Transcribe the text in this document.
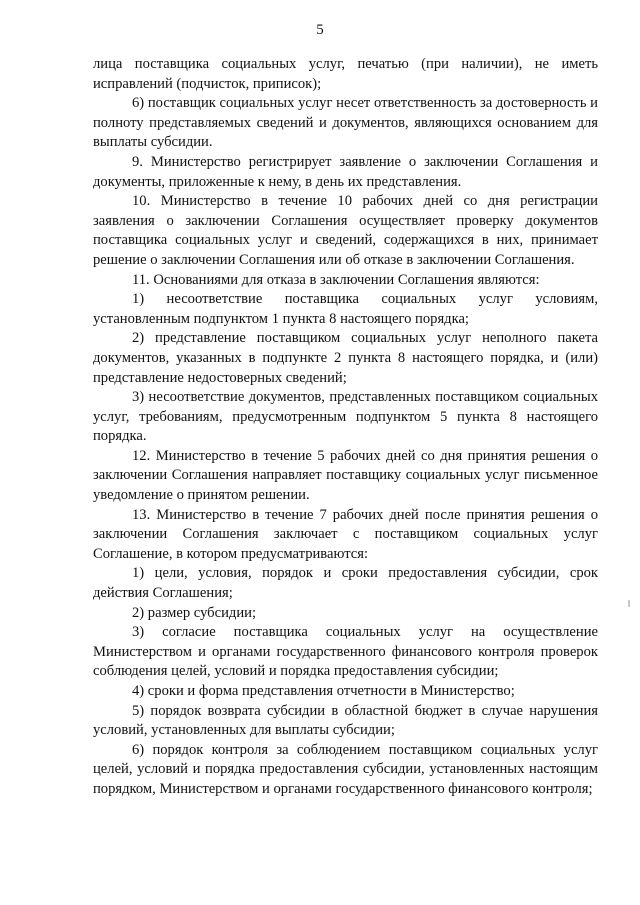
5

лица поставщика социальных услуг, печатью (при наличии), не иметь исправлений (подчисток, приписок);

6) поставщик социальных услуг несет ответственность за достоверность и полноту представляемых сведений и документов, являющихся основанием для выплаты субсидии.

9. Министерство регистрирует заявление о заключении Соглашения и документы, приложенные к нему, в день их представления.

10. Министерство в течение 10 рабочих дней со дня регистрации заявления о заключении Соглашения осуществляет проверку документов поставщика социальных услуг и сведений, содержащихся в них, принимает решение о заключении Соглашения или об отказе в заключении Соглашения.

11. Основаниями для отказа в заключении Соглашения являются:

1) несоответствие поставщика социальных услуг условиям, установленным подпунктом 1 пункта 8 настоящего порядка;

2) представление поставщиком социальных услуг неполного пакета документов, указанных в подпункте 2 пункта 8 настоящего порядка, и (или) представление недостоверных сведений;

3) несоответствие документов, представленных поставщиком социальных услуг, требованиям, предусмотренным подпунктом 5 пункта 8 настоящего порядка.

12. Министерство в течение 5 рабочих дней со дня принятия решения о заключении Соглашения направляет поставщику социальных услуг письменное уведомление о принятом решении.

13. Министерство в течение 7 рабочих дней после принятия решения о заключении Соглашения заключает с поставщиком социальных услуг Соглашение, в котором предусматриваются:

1) цели, условия, порядок и сроки предоставления субсидии, срок действия Соглашения;

2) размер субсидии;

3) согласие поставщика социальных услуг на осуществление Министерством и органами государственного финансового контроля проверок соблюдения целей, условий и порядка предоставления субсидии;

4) сроки и форма представления отчетности в Министерство;

5) порядок возврата субсидии в областной бюджет в случае нарушения условий, установленных для выплаты субсидии;

6) порядок контроля за соблюдением поставщиком социальных услуг целей, условий и порядка предоставления субсидии, установленных настоящим порядком, Министерством и органами государственного финансового контроля;
